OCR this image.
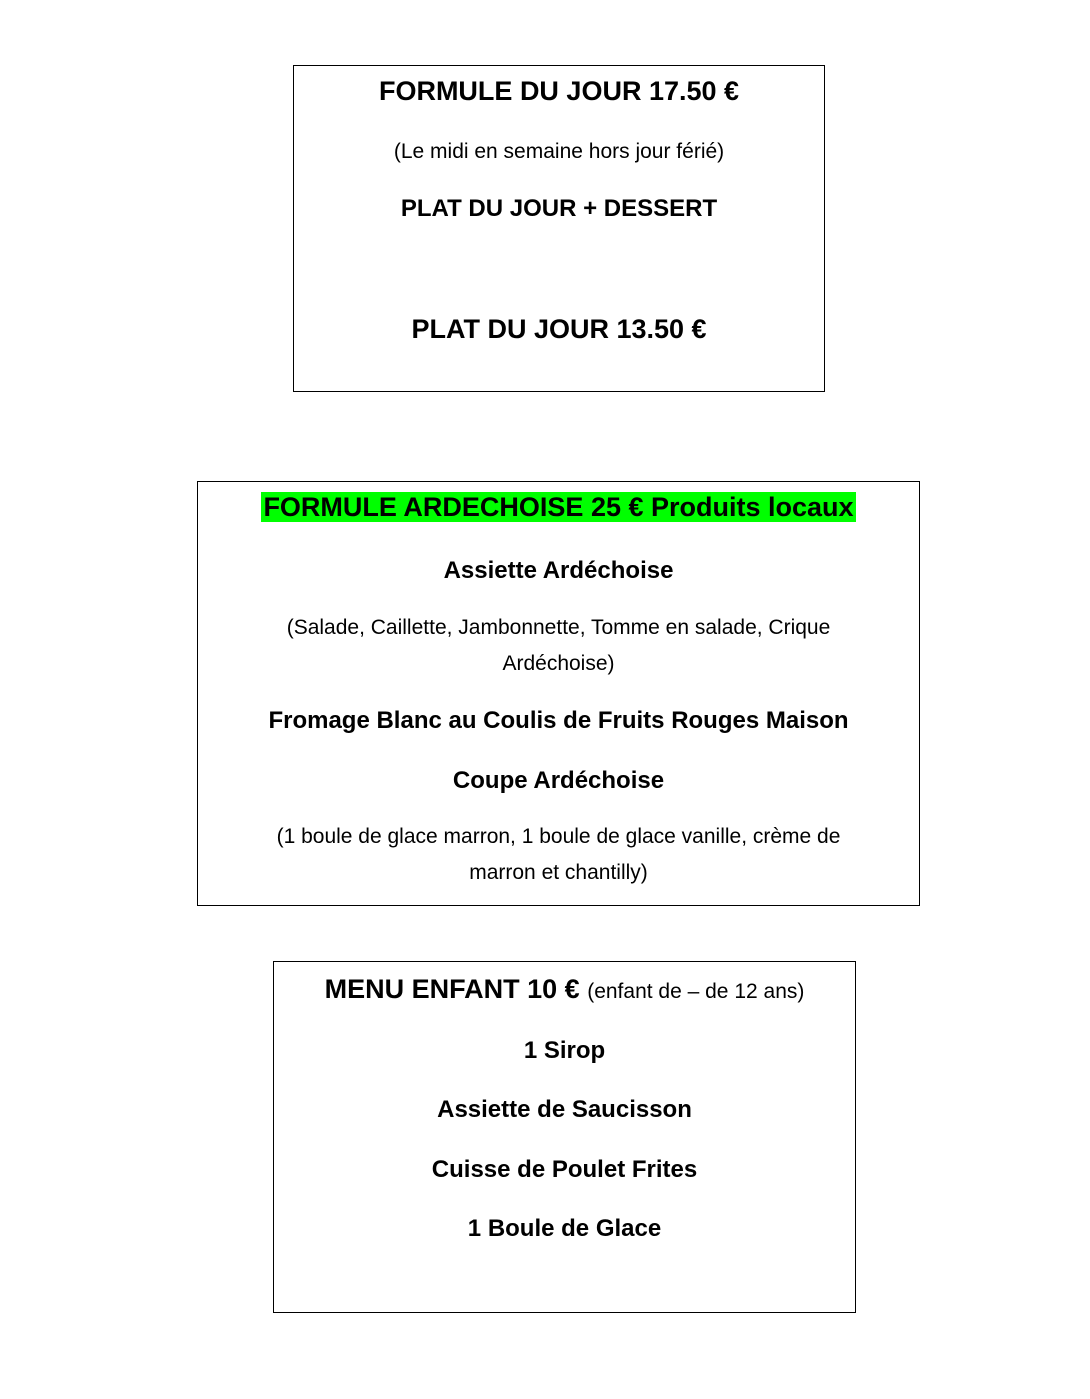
FORMULE DU JOUR 17.50 €
(Le midi en semaine hors jour férié)
PLAT DU JOUR + DESSERT
PLAT DU JOUR 13.50 €
FORMULE ARDECHOISE 25 € Produits locaux
Assiette Ardéchoise
(Salade, Caillette, Jambonnette, Tomme en salade, Crique
Ardéchoise)
Fromage Blanc au Coulis de Fruits Rouges Maison
Coupe Ardéchoise
(1 boule de glace marron, 1 boule de glace vanille, crème de
marron et chantilly)
MENU ENFANT 10 € (enfant de – de 12 ans)
1 Sirop
Assiette de Saucisson
Cuisse de Poulet Frites
1 Boule de Glace
